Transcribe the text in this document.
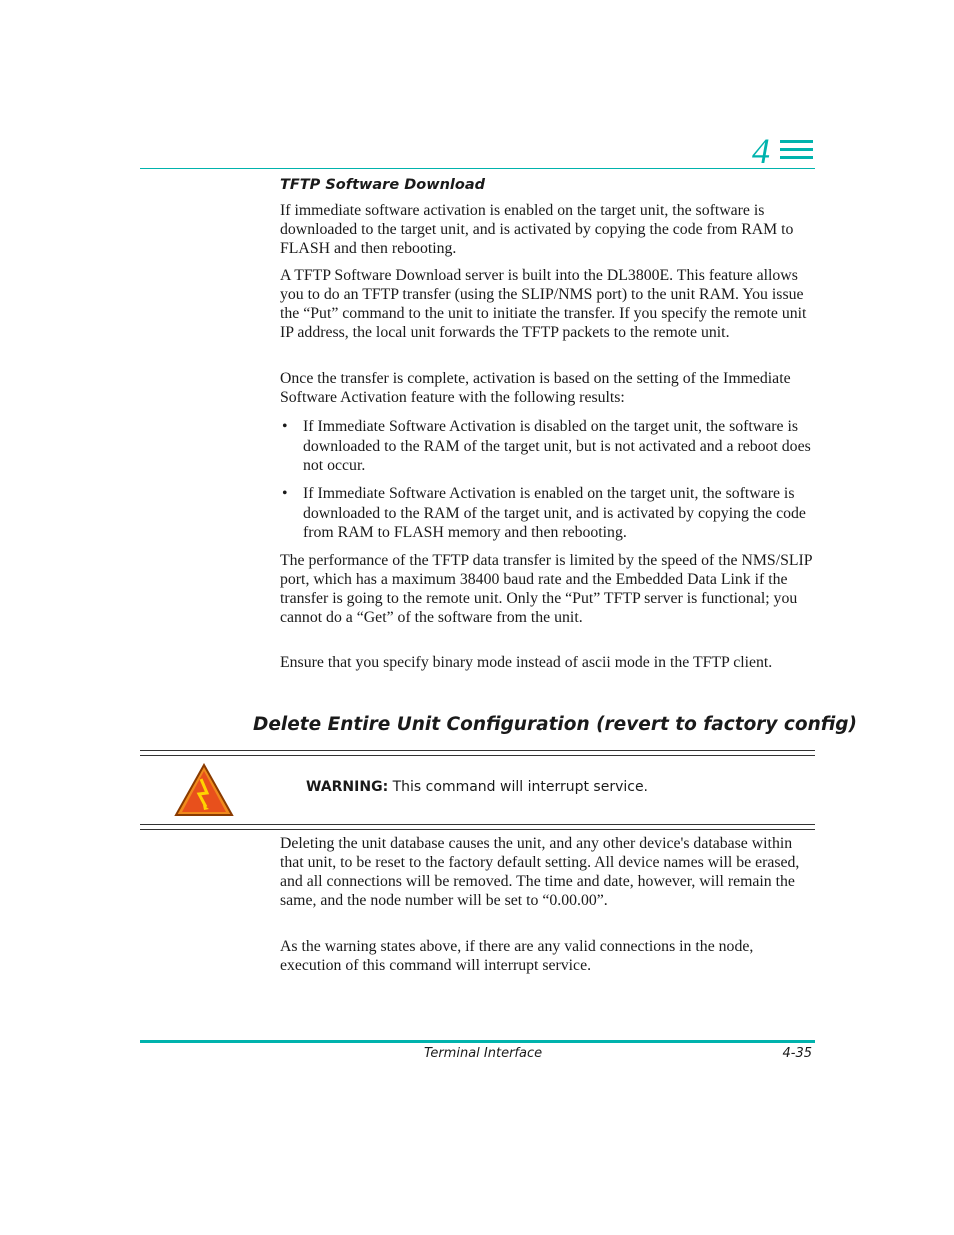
4
TFTP Software Download

If immediate software activation is enabled on the target unit, the software is downloaded to the target unit, and is activated by copying the code from RAM to FLASH and then rebooting.

A TFTP Software Download server is built into the DL3800E. This feature allows you to do an TFTP transfer (using the SLIP/NMS port) to the unit RAM. You issue the “Put” command to the unit to initiate the transfer. If you specify the remote unit IP address, the local unit forwards the TFTP packets to the remote unit.

Once the transfer is complete, activation is based on the setting of the Immediate Software Activation feature with the following results:

• If Immediate Software Activation is disabled on the target unit, the software is downloaded to the RAM of the target unit, but is not activated and a reboot does not occur.
• If Immediate Software Activation is enabled on the target unit, the software is downloaded to the RAM of the target unit, and is activated by copying the code from RAM to FLASH memory and then rebooting.

The performance of the TFTP data transfer is limited by the speed of the NMS/SLIP port, which has a maximum 38400 baud rate and the Embedded Data Link if the transfer is going to the remote unit. Only the “Put” TFTP server is functional; you cannot do a “Get” of the software from the unit.

Ensure that you specify binary mode instead of ascii mode in the TFTP client.

Delete Entire Unit Configuration (revert to factory config)
WARNING: This command will interrupt service.

Deleting the unit database causes the unit, and any other device's database within that unit, to be reset to the factory default setting. All device names will be erased, and all connections will be removed. The time and date, however, will remain the same, and the node number will be set to “0.00.00”.

As the warning states above, if there are any valid connections in the node, execution of this command will interrupt service.

Terminal Interface	4-35
